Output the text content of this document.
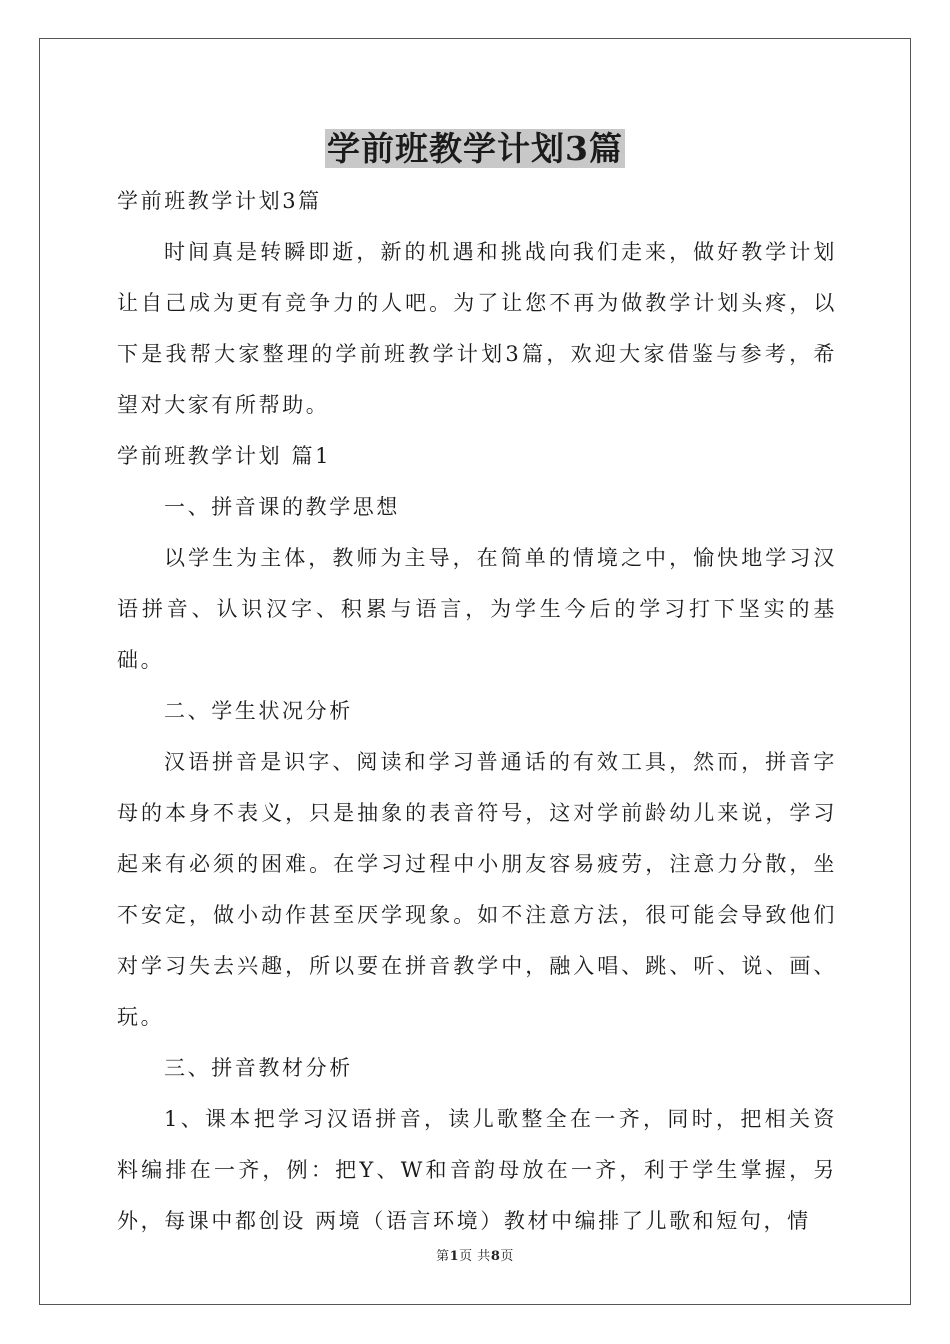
学前班教学计划3篇

学前班教学计划3篇

时间真是转瞬即逝，新的机遇和挑战向我们走来，做好教学计划让自己成为更有竞争力的人吧。为了让您不再为做教学计划头疼，以下是我帮大家整理的学前班教学计划3篇，欢迎大家借鉴与参考，希望对大家有所帮助。

学前班教学计划 篇1

一、拼音课的教学思想

以学生为主体，教师为主导，在简单的情境之中，愉快地学习汉语拼音、认识汉字、积累与语言，为学生今后的学习打下坚实的基础。

二、学生状况分析

汉语拼音是识字、阅读和学习普通话的有效工具，然而，拼音字母的本身不表义，只是抽象的表音符号，这对学前龄幼儿来说，学习起来有必须的困难。在学习过程中小朋友容易疲劳，注意力分散，坐不安定，做小动作甚至厌学现象。如不注意方法，很可能会导致他们对学习失去兴趣，所以要在拼音教学中，融入唱、跳、听、说、画、玩。

三、拼音教材分析

1、课本把学习汉语拼音，读儿歌整全在一齐，同时，把相关资料编排在一齐，例：把Y、W和音韵母放在一齐，利于学生掌握，另外，每课中都创设 两境（语言环境）教材中编排了儿歌和短句，情

第1页 共8页
